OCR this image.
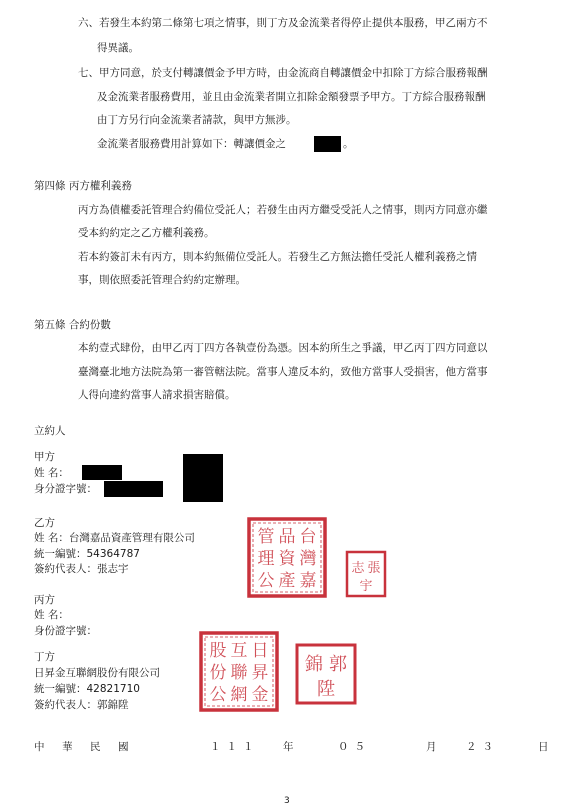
六、若發生本約第二條第七項之情事，則丁方及金流業者得停止提供本服務，甲乙兩方不
得異議。
七、甲方同意，於支付轉讓價金予甲方時，由金流商自轉讓價金中扣除丁方綜合服務報酬
及金流業者服務費用，並且由金流業者開立扣除金額發票予甲方。丁方綜合服務報酬
由丁方另行向金流業者請款，與甲方無涉。
金流業者服務費用計算如下：轉讓價金之	。
第四條 丙方權利義務
丙方為債權委託管理合約備位受託人；若發生由丙方繼受受託人之情事，則丙方同意亦繼
受本約約定之乙方權利義務。
若本約簽訂未有丙方，則本約無備位受託人。若發生乙方無法擔任受託人權利義務之情
事，則依照委託管理合約約定辦理。
第五條 合約份數
本約壹式肆份，由甲乙丙丁四方各執壹份為憑。因本約所生之爭議，甲乙丙丁四方同意以
臺灣臺北地方法院為第一審管轄法院。當事人違反本約，致他方當事人受損害，他方當事
人得向違約當事人請求損害賠償。
立約人
甲方
姓 名：
身分證字號：
乙方
姓 名：台灣嘉品資產管理有限公司
統一編號：54364787
簽約代表人：張志宇
台
灣
嘉
品
資
產
管
理
公
張
志
宇
丙方
姓 名：
身份證字號：
丁方
日昇金互聯網股份有限公司
統一編號：42821710
簽約代表人：郭錦陞
日
昇
金
互
聯
網
股
份
公
郭
錦
陞
中 華 民 國	１１１ 年	０５	月	２３	日
3
